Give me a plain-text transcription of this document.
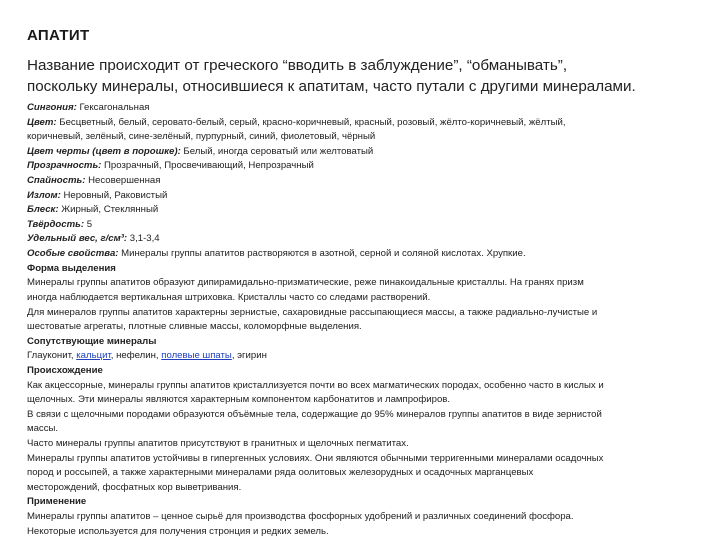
АПАТИТ
Название происходит от греческого “вводить в заблуждение”, “обманывать”,
поскольку минералы, относившиеся к апатитам, часто путали с другими минералами.
Сингония: Гексагональная
Цвет: Бесцветный, белый, серовато-белый, серый, красно-коричневый, красный, розовый, жёлто-коричневый, жёлтый,
коричневый, зелёный, сине-зелёный, пурпурный, синий, фиолетовый, чёрный
Цвет черты (цвет в порошке): Белый, иногда сероватый или желтоватый
Прозрачность: Прозрачный, Просвечивающий, Непрозрачный
Спайность: Несовершенная
Излом: Неровный, Раковистый
Блеск: Жирный, Стеклянный
Твёрдость: 5
Удельный вес, г/см³: 3,1-3,4
Особые свойства: Минералы группы апатитов растворяются в азотной, серной и соляной кислотах. Хрупкие.
Форма выделения
Минералы группы апатитов образуют дипирамидально-призматические, реже пинакоидальные кристаллы. На гранях призм
иногда наблюдается вертикальная штриховка. Кристаллы часто со следами растворений.
Для минералов группы апатитов характерны зернистые, сахаровидные рассыпающиеся массы, а также радиально-лучистые и
шестоватые агрегаты, плотные сливные массы, коломорфные выделения.
Сопутствующие минералы
Глауконит, кальцит, нефелин, полевые шпаты, эгирин
Происхождение
Как акцессорные, минералы группы апатитов кристаллизуется почти во всех магматических породах, особенно часто в кислых и
щелочных. Эти минералы являются характерным компонентом карбонатитов и лампрофиров.
В связи с щелочными породами образуются объёмные тела, содержащие до 95% минералов группы апатитов в виде зернистой
массы.
Часто минералы группы апатитов присутствуют в гранитных и щелочных пегматитах.
Минералы группы апатитов устойчивы в гипергенных условиях. Они являются обычными терригенными минералами осадочных
пород и россыпей, а также характерными минералами ряда оолитовых железорудных и осадочных марганцевых
месторождений, фосфатных кор выветривания.
Применение
Минералы группы апатитов – ценное сырьё для производства фосфорных удобрений и различных соединений фосфора.
Некоторые используется для получения стронция и редких земель.
